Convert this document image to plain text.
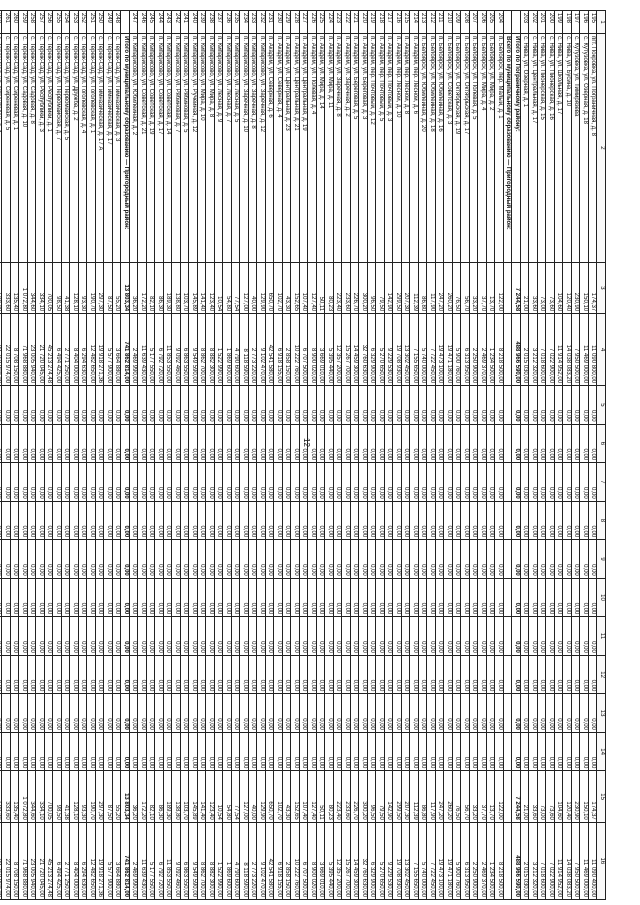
12
1	2	3	4	5	6	7	8	9	10	11	12	13	14	15	16
195	пгт. Покровка, ул. Пограничная, д. 8	174,37	11 090 800,00	0,00	0,00	0,00	0,00	0,00	0,00	0,00	0,00	0,00	0,00	174,37	11 090 400,00
196	с. Кутузовка, ул. Озёрная, д. 18	150,10	11 469 000,00	0,00	0,00	0,00	0,00	0,00	0,00	0,00	0,00	0,00	0,00	150,10	11 469 000,00
197	с. Кутузовка, ул. Тимирязева	230,90	7 950 500,00	0,00	0,00	0,00	0,00	0,00	0,00	0,00	0,00	0,00	0,00	230,90	7 950 500,00
198	с. Нива, ул. Бусина, д. 10	120,40	14 038 083,20	0,00	0,00	0,00	0,00	0,00	0,00	0,00	0,00	0,00	0,00	120,40	14 038 083,20
199	с. Нива, ул. Школьная, д. 17	104,60	11 914 952,00	0,00	0,00	0,00	0,00	0,00	0,00	0,00	0,00	0,00	0,00	104,60	11 914 952,00
200	с. Нива, ул. Пионерская, д. 16	73,60	7 022 900,00	0,00	0,00	0,00	0,00	0,00	0,00	0,00	0,00	0,00	0,00	73,60	7 022 900,00
201	с. Нива, ул. Пионерская, д. 15	73,00	7 018 600,00	0,00	0,00	0,00	0,00	0,00	0,00	0,00	0,00	0,00	0,00	73,00	7 018 600,00
202	с. Нива, ул. Центральная, д. 17	33,60	3 212 320,00	0,00	0,00	0,00	0,00	0,00	0,00	0,00	0,00	0,00	0,00	33,60	3 212 320,00
203	с. Нива, ул. Озёрная, д. 1	21,00	2 015 030,00	0,00	0,00	0,00	0,00	0,00	0,00	0,00	0,00	0,00	0,00	21,00	2 015 030,00
	Итого по Пограничному району:	7 244,58	488 966 590,00	0,00	0,00	0,00	0,00	0,00	0,00	0,00	0,00	0,00	0,00	7 244,58	488 966 590,00
	Всего по муниципальному образованию — Пригородный район:														
204	п. Белоярск, пер. Малый, д. 1	122,00	8 218 500,00	0,00	0,00	0,00	0,00	0,00	0,00	0,00	0,00	0,00	0,00	122,00	8 218 500,00
205	п. Белоярск, ул. Мира, д. 2	13,70	1 234 500,00	0,00	0,00	0,00	0,00	0,00	0,00	0,00	0,00	0,00	0,00	13,70	1 234 500,00
206	п. Белоярск, ул. Мира, д. 4	37,70	2 469 370,00	0,00	0,00	0,00	0,00	0,00	0,00	0,00	0,00	0,00	0,00	37,70	2 469 370,00
207	п. Белоярск, ул. Полевая, д. 5	33,20	2 250 900,00	0,00	0,00	0,00	0,00	0,00	0,00	0,00	0,00	0,00	0,00	33,20	2 250 900,00
208	п. Белоярск, ул. Октябрьская, д. 17	56,70	6 313 950,00	0,00	0,00	0,00	0,00	0,00	0,00	0,00	0,00	0,00	0,00	56,70	6 313 950,00
209	п. Белоярск, ул. Октябрьская, д. 19	76,50	5 900 760,00	0,00	0,00	0,00	0,00	0,00	0,00	0,00	0,00	0,00	0,00	76,50	5 900 760,00
210	п. Белоярск, ул. Советская, д. 3	260,20	19 471 180,00	0,00	0,00	0,00	0,00	0,00	0,00	0,00	0,00	0,00	0,00	260,20	19 471 180,00
211	п. Белоярск, ул. Юбилейная, д. 16	247,20	19 473 100,00	0,00	0,00	0,00	0,00	0,00	0,00	0,00	0,00	0,00	0,00	247,20	19 473 100,00
212	п. Белоярск, ул. Юбилейная, д. 18	117,90	7 722 450,00	0,00	0,00	0,00	0,00	0,00	0,00	0,00	0,00	0,00	0,00	117,90	7 722 450,00
213	п. Белоярск, ул. Юбилейная, д. 20	86,80	5 740 000,00	0,00	0,00	0,00	0,00	0,00	0,00	0,00	0,00	0,00	0,00	86,80	5 740 000,00
214	п. Академ, пер. Лесной, д. 6	112,39	7 155 650,00	0,00	0,00	0,00	0,00	0,00	0,00	0,00	0,00	0,00	0,00	112,39	7 155 650,00
215	п. Академ, пер. Лесной, д. 8	207,30	13 302 450,00	0,00	0,00	0,00	0,00	0,00	0,00	0,00	0,00	0,00	0,00	207,30	13 302 450,00
216	п. Академ, пер. Лесной, д. 10	299,50	19 708 930,00	0,00	0,00	0,00	0,00	0,00	0,00	0,00	0,00	0,00	0,00	299,50	19 708 930,00
217	п. Академ, пер. Почтовый, д. 3	142,90	9 229 530,00	0,00	0,00	0,00	0,00	0,00	0,00	0,00	0,00	0,00	0,00	142,90	9 229 530,00
218	п. Академ, пер. Почтовый, д. 5	79,50	5 270 650,00	0,00	0,00	0,00	0,00	0,00	0,00	0,00	0,00	0,00	0,00	79,50	5 270 650,00
219	п. Академ, пер. Почтовый, д. 12	96,50	6 329 900,00	0,00	0,00	0,00	0,00	0,00	0,00	0,00	0,00	0,00	0,00	96,50	6 329 900,00
220	п. Академ, ул. Береговая, д. 3	300,20	32 760 630,00	0,00	0,00	0,00	0,00	0,00	0,00	0,00	0,00	0,00	0,00	300,20	32 760 630,00
221	п. Академ, ул. Береговая, д. 5	226,70	14 459 300,00	0,00	0,00	0,00	0,00	0,00	0,00	0,00	0,00	0,00	0,00	226,70	14 459 300,00
222	п. Академ, ул. Заречная, д. 2	233,60	15 267 700,00	0,00	0,00	0,00	0,00	0,00	0,00	0,00	0,00	0,00	0,00	233,60	15 267 700,00
223	п. Академ, ул. Заречная, д. 8	223,40	12 357 200,00	0,00	0,00	0,00	0,00	0,00	0,00	0,00	0,00	0,00	0,00	223,40	12 357 200,00
224	п. Академ, ул. Мира, д. 11	80,23	5 395 440,00	0,00	0,00	0,00	0,00	0,00	0,00	0,00	0,00	0,00	0,00	80,23	5 395 440,00
225	п. Академ, ул. Мира, д. 14	50,11	3 669 010,00	0,00	0,00	0,00	0,00	0,00	0,00	0,00	0,00	0,00	0,00	50,11	3 669 010,00
226	п. Академ, ул. Полевая, д. 4	127,40	8 900 020,00	0,00	0,00	0,00	0,00	0,00	0,00	0,00	0,00	0,00	0,00	127,40	8 900 020,00
227	п. Академ, ул. Центральная, д. 19	107,40	6 707 500,00	0,00	0,00	0,00	0,00	0,00	0,00	0,00	0,00	0,00	0,00	107,40	6 707 500,00
228	п. Академ, ул. Центральная, д. 21	152,65	10 222 760,00	0,00	0,00	0,00	0,00	0,00	0,00	0,00	0,00	0,00	0,00	152,65	10 222 760,00
229	п. Академ, ул. Центральная, д. 23	43,30	2 858 150,00	0,00	0,00	0,00	0,00	0,00	0,00	0,00	0,00	0,00	0,00	43,30	2 858 150,00
230	п. Академ, ул. Северная, д. 4	102,70	6 918 155,00	0,00	0,00	0,00	0,00	0,00	0,00	0,00	0,00	0,00	0,00	102,70	6 918 155,00
231	п. Академ, ул. Северная, д. 6	650,70	42 541 580,00	0,00	0,00	0,00	0,00	0,00	0,00	0,00	0,00	0,00	0,00	650,70	42 541 580,00
232	п. Кипарисово, ул. Заречная, д. 12	129,90	9 102 470,00	0,00	0,00	0,00	0,00	0,00	0,00	0,00	0,00	0,00	0,00	129,90	9 102 470,00
233	п. Кипарисово, ул. Заречная, д. 8	40,00	2 773 220,00	0,00	0,00	0,00	0,00	0,00	0,00	0,00	0,00	0,00	0,00	40,00	2 773 220,00
234	п. Кипарисово, ул. Заречная, д. 10	127,00	8 118 590,00	0,00	0,00	0,00	0,00	0,00	0,00	0,00	0,00	0,00	0,00	127,00	8 118 590,00
235	п. Кипарисово, ул. Лесная, д. 5	77,54	4 790 600,00	0,00	0,00	0,00	0,00	0,00	0,00	0,00	0,00	0,00	0,00	77,54	4 790 600,00
236	п. Кипарисово, ул. Лесная, д. 7	54,80	1 869 600,00	0,00	0,00	0,00	0,00	0,00	0,00	0,00	0,00	0,00	0,00	54,80	1 869 600,00
237	п. Кипарисово, ул. Лесная, д. 9	10,54	1 522 990,00	0,00	0,00	0,00	0,00	0,00	0,00	0,00	0,00	0,00	0,00	10,54	1 522 990,00
238	п. Кипарисово, ул. Мира, д. 8	123,40	8 882 300,00	0,00	0,00	0,00	0,00	0,00	0,00	0,00	0,00	0,00	0,00	123,40	8 882 300,00
239	п. Кипарисово, ул. Мира, д. 10	141,40	8 862 700,00	0,00	0,00	0,00	0,00	0,00	0,00	0,00	0,00	0,00	0,00	141,40	8 862 700,00
240	п. Кипарисово, ул. Ручейная, д. 12	145,89	9 549 590,00	0,00	0,00	0,00	0,00	0,00	0,00	0,00	0,00	0,00	0,00	145,89	9 549 590,00
241	п. Кипарисово, ул. Рябиновая, д. 5	103,70	6 863 550,00	0,00	0,00	0,00	0,00	0,00	0,00	0,00	0,00	0,00	0,00	103,70	6 863 550,00
242	п. Кипарисово, ул. Рябиновая, д. 7	138,80	9 092 460,00	0,00	0,00	0,00	0,00	0,00	0,00	0,00	0,00	0,00	0,00	138,80	9 092 460,00
243	п. Кипарисово, ул. Советская, д. 14	189,30	11 853 550,00	0,00	0,00	0,00	0,00	0,00	0,00	0,00	0,00	0,00	0,00	189,30	11 853 550,00
244	п. Кипарисово, ул. Советская, д. 17	86,30	6 792 720,00	0,00	0,00	0,00	0,00	0,00	0,00	0,00	0,00	0,00	0,00	86,30	6 792 720,00
245	п. Кипарисово, ул. Советская, д. 19	82,10	5 177 550,00	0,00	0,00	0,00	0,00	0,00	0,00	0,00	0,00	0,00	0,00	82,10	5 177 550,00
246	п. Кипарисово, ул. Советская, д. 21	172,20	11 639 430,00	0,00	0,00	0,00	0,00	0,00	0,00	0,00	0,00	0,00	0,00	172,20	11 639 430,00
247	п. Кипарисово, ул. Юбилейная, д. 2	36,20	2 469 990,00	0,00	0,00	0,00	0,00	0,00	0,00	0,00	0,00	0,00	0,00	36,20	2 469 990,00
	Итого по муниципальному образованию — Пригородный район:	13 803,34	741 862 814,00	0,00	0,00	0,00	0,00	0,00	0,00	0,00	0,00	0,00	0,00	13 803,34	741 862 814,00
248	с. Тереж-Сад, ул. Гимназическая, д. 3	55,20	3 664 880,00	0,00	0,00	0,00	0,00	0,00	0,00	0,00	0,00	0,00	0,00	55,20	3 664 880,00
249	с. Тереж-Сад, ул. Гимназическая, д. 17	87,50	5 577 900,00	0,00	0,00	0,00	0,00	0,00	0,00	0,00	0,00	0,00	0,00	87,50	5 577 900,00
250	с. Тереж-Сад, ул. Гимназическая, д. 17 А	297,30	19 918 271,36	0,00	0,00	0,00	0,00	0,00	0,00	0,00	0,00	0,00	0,00	297,30	19 918 271,36
251	с. Тереж-Сад, ул. Гоголевская, д. 1	190,70	12 482 650,00	0,00	0,00	0,00	0,00	0,00	0,00	0,00	0,00	0,00	0,00	190,70	12 482 650,00
252	с. Тереж-Сад, ул. Гоголевская, д. 4	93,30	6 294 630,00	0,00	0,00	0,00	0,00	0,00	0,00	0,00	0,00	0,00	0,00	93,30	6 294 630,00
253	с. Тереж-Сад, ул. Дружба, д. 2	128,10	8 404 000,00	0,00	0,00	0,00	0,00	0,00	0,00	0,00	0,00	0,00	0,00	128,10	8 404 000,00
254	с. Тереж-Сад, ул. Первомайская, д. 5	41,38	2 771 250,00	0,00	0,00	0,00	0,00	0,00	0,00	0,00	0,00	0,00	0,00	41,38	2 771 250,00
255	с. Тереж-Сад, ул. Первомайская, д. 7	98,50	6 494 425,00	0,00	0,00	0,00	0,00	0,00	0,00	0,00	0,00	0,00	0,00	98,50	6 494 425,00
256	с. Тереж-Сад, ул. Республики, д. 1	700,05	45 213 274,48	0,00	0,00	0,00	0,00	0,00	0,00	0,00	0,00	0,00	0,00	700,05	45 213 274,48
257	с. Тереж-Сад, ул. Республики, д. 3	334,10	21 720 045,00	0,00	0,00	0,00	0,00	0,00	0,00	0,00	0,00	0,00	0,00	334,10	21 720 045,00
258	с. Тереж-Сад, ул. Садовая, д. 8	344,60	23 005 940,00	0,00	0,00	0,00	0,00	0,00	0,00	0,00	0,00	0,00	0,00	344,60	23 005 940,00
259	с. Тереж-Сад, ул. Садовая, д. 10	1 072,80	71 968 880,00	0,00	0,00	0,00	0,00	0,00	0,00	0,00	0,00	0,00	0,00	1 072,80	71 968 880,00
260	с. Тереж-Сад, ул. Сиреневая, д. 1	135,40	8 708 150,00	0,00	0,00	0,00	0,00	0,00	0,00	0,00	0,00	0,00	0,00	135,40	8 708 150,00
261	с. Тереж-Сад, ул. Сиреневая, д. 5	333,60	22 015 974,00	0,00	0,00	0,00	0,00	0,00	0,00	0,00	0,00	0,00	0,00	333,60	22 015 974,00
